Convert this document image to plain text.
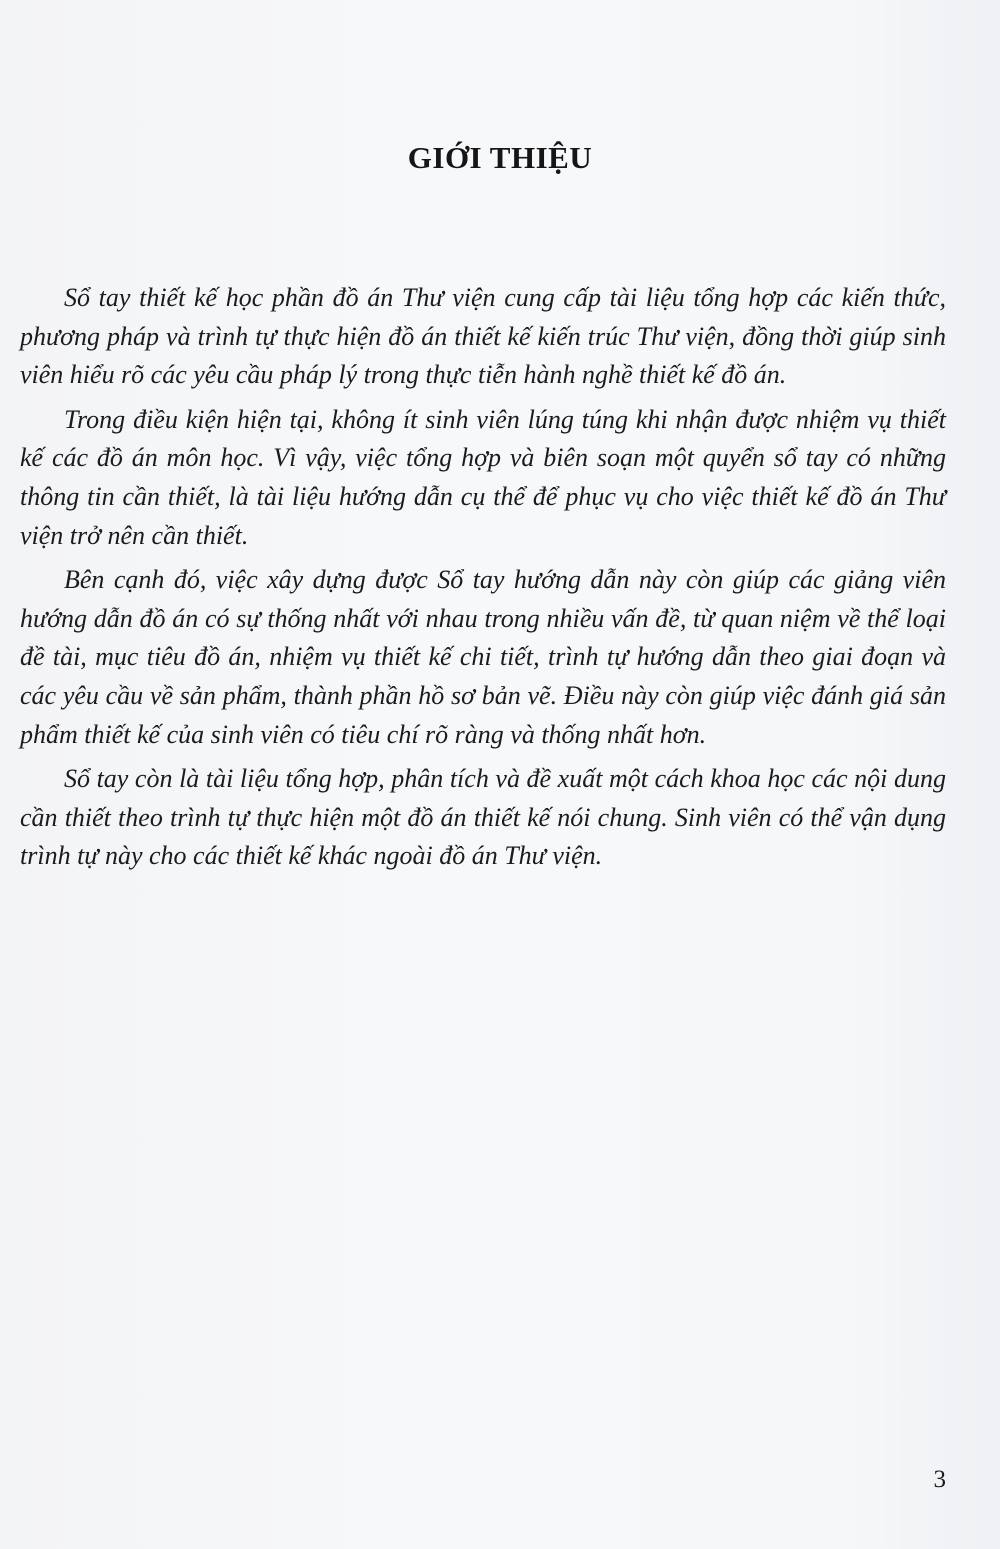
GIỚI THIỆU

Sổ tay thiết kế học phần đồ án Thư viện cung cấp tài liệu tổng hợp các kiến thức, phương pháp và trình tự thực hiện đồ án thiết kế kiến trúc Thư viện, đồng thời giúp sinh viên hiểu rõ các yêu cầu pháp lý trong thực tiễn hành nghề thiết kế đồ án.

Trong điều kiện hiện tại, không ít sinh viên lúng túng khi nhận được nhiệm vụ thiết kế các đồ án môn học. Vì vậy, việc tổng hợp và biên soạn một quyển sổ tay có những thông tin cần thiết, là tài liệu hướng dẫn cụ thể để phục vụ cho việc thiết kế đồ án Thư viện trở nên cần thiết.

Bên cạnh đó, việc xây dựng được Sổ tay hướng dẫn này còn giúp các giảng viên hướng dẫn đồ án có sự thống nhất với nhau trong nhiều vấn đề, từ quan niệm về thể loại đề tài, mục tiêu đồ án, nhiệm vụ thiết kế chi tiết, trình tự hướng dẫn theo giai đoạn và các yêu cầu về sản phẩm, thành phần hồ sơ bản vẽ. Điều này còn giúp việc đánh giá sản phẩm thiết kế của sinh viên có tiêu chí rõ ràng và thống nhất hơn.

Sổ tay còn là tài liệu tổng hợp, phân tích và đề xuất một cách khoa học các nội dung cần thiết theo trình tự thực hiện một đồ án thiết kế nói chung. Sinh viên có thể vận dụng trình tự này cho các thiết kế khác ngoài đồ án Thư viện.

3
